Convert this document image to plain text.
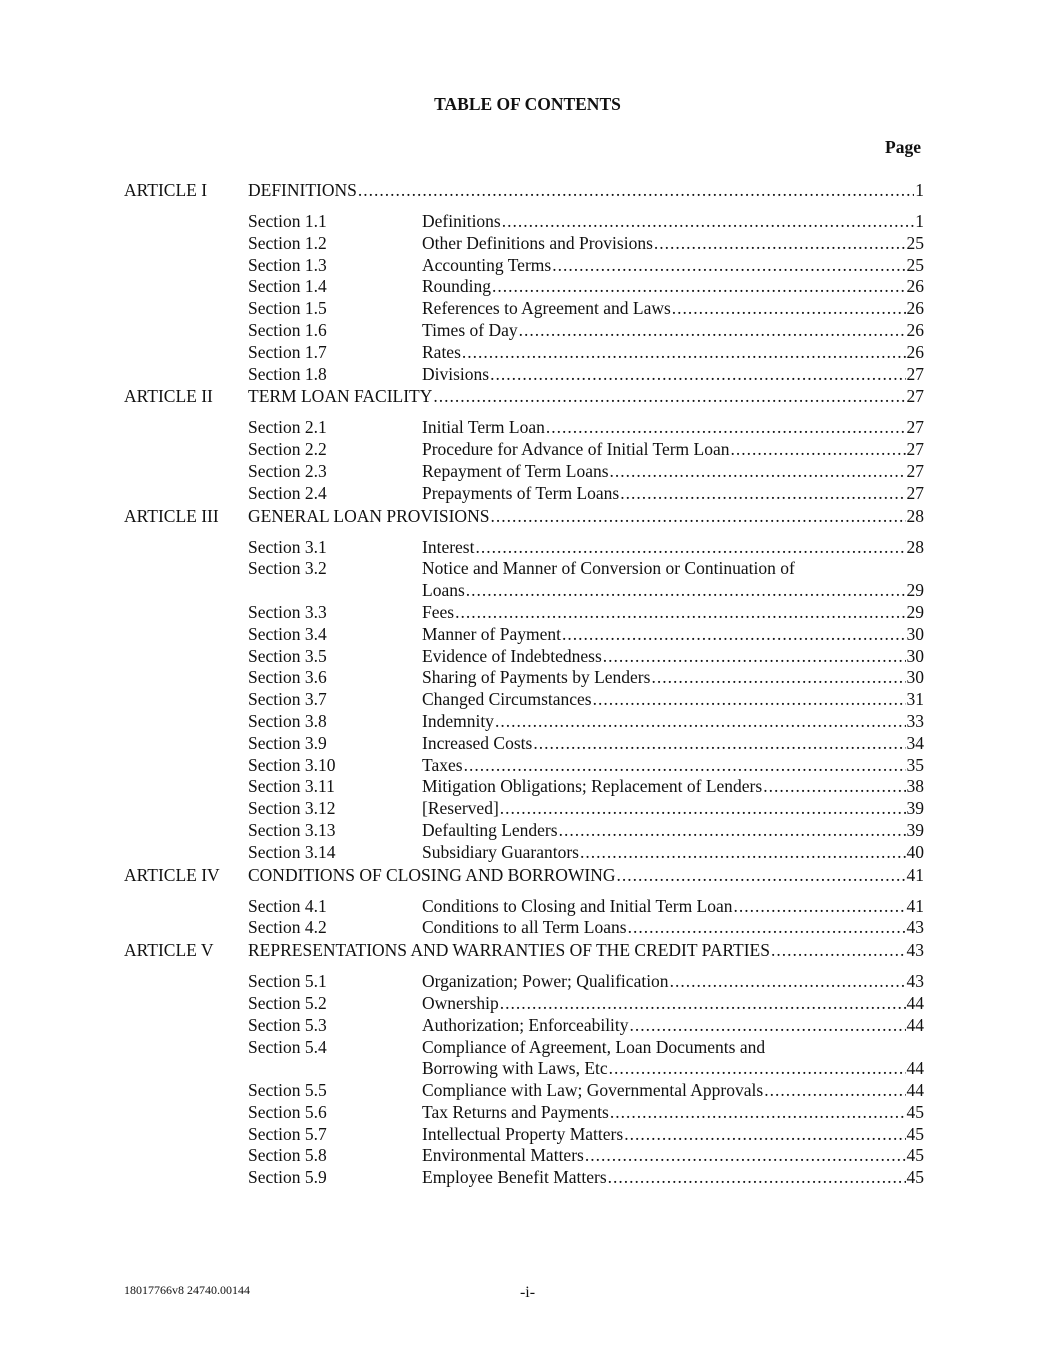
TABLE OF CONTENTS
Page
ARTICLE I DEFINITIONS .....	1
Section 1.1	Definitions .....	1
Section 1.2	Other Definitions and Provisions .....	25
Section 1.3	Accounting Terms .....	25
Section 1.4	Rounding .....	26
Section 1.5	References to Agreement and Laws .....	26
Section 1.6	Times of Day .....	26
Section 1.7	Rates .....	26
Section 1.8	Divisions .....	27
ARTICLE II TERM LOAN FACILITY .....	27
Section 2.1	Initial Term Loan .....	27
Section 2.2	Procedure for Advance of Initial Term Loan .....	27
Section 2.3	Repayment of Term Loans .....	27
Section 2.4	Prepayments of Term Loans .....	27
ARTICLE III GENERAL LOAN PROVISIONS .....	28
Section 3.1	Interest .....	28
Section 3.2	Notice and Manner of Conversion or Continuation of
Loans .....	29
Section 3.3	Fees .....	29
Section 3.4	Manner of Payment .....	30
Section 3.5	Evidence of Indebtedness .....	30
Section 3.6	Sharing of Payments by Lenders .....	30
Section 3.7	Changed Circumstances .....	31
Section 3.8	Indemnity .....	33
Section 3.9	Increased Costs .....	34
Section 3.10	Taxes .....	35
Section 3.11	Mitigation Obligations; Replacement of Lenders .....	38
Section 3.12	[Reserved] .....	39
Section 3.13	Defaulting Lenders .....	39
Section 3.14	Subsidiary Guarantors .....	40
ARTICLE IV CONDITIONS OF CLOSING AND BORROWING .....	41
Section 4.1	Conditions to Closing and Initial Term Loan .....	41
Section 4.2	Conditions to all Term Loans .....	43
ARTICLE V REPRESENTATIONS AND WARRANTIES OF THE CREDIT PARTIES .....	43
Section 5.1	Organization; Power; Qualification .....	43
Section 5.2	Ownership .....	44
Section 5.3	Authorization; Enforceability .....	44
Section 5.4	Compliance of Agreement, Loan Documents and
Borrowing with Laws, Etc .....	44
Section 5.5	Compliance with Law; Governmental Approvals .....	44
Section 5.6	Tax Returns and Payments .....	45
Section 5.7	Intellectual Property Matters .....	45
Section 5.8	Environmental Matters .....	45
Section 5.9	Employee Benefit Matters .....	45
18017766v8 24740.00144	-i-
